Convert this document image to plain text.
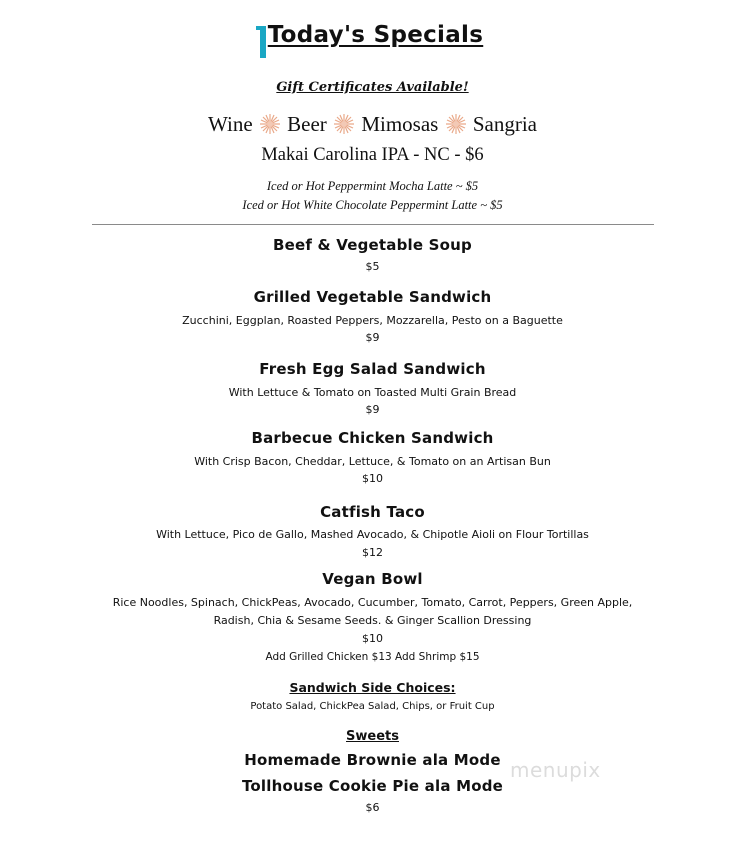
Today's Specials
Gift Certificates Available!
Wine Beer Mimosas Sangria
Makai Carolina IPA - NC - $6
Iced or Hot Peppermint Mocha Latte ~ $5
Iced or Hot White Chocolate Peppermint Latte ~ $5
Beef & Vegetable Soup
$5
Grilled Vegetable Sandwich
Zucchini, Eggplan, Roasted Peppers, Mozzarella, Pesto on a Baguette
$9
Fresh Egg Salad Sandwich
With Lettuce & Tomato on Toasted Multi Grain Bread
$9
Barbecue Chicken Sandwich
With Crisp Bacon, Cheddar, Lettuce, & Tomato on an Artisan Bun
$10
Catfish Taco
With Lettuce, Pico de Gallo, Mashed Avocado, & Chipotle Aioli on Flour Tortillas
$12
Vegan Bowl
Rice Noodles, Spinach, ChickPeas, Avocado, Cucumber, Tomato, Carrot, Peppers, Green Apple,
Radish, Chia & Sesame Seeds. & Ginger Scallion Dressing
$10
Add Grilled Chicken $13 Add Shrimp $15
Sandwich Side Choices:
Potato Salad, ChickPea Salad, Chips, or Fruit Cup
Sweets
Homemade Brownie ala Mode
Tollhouse Cookie Pie ala Mode
$6
menupix
